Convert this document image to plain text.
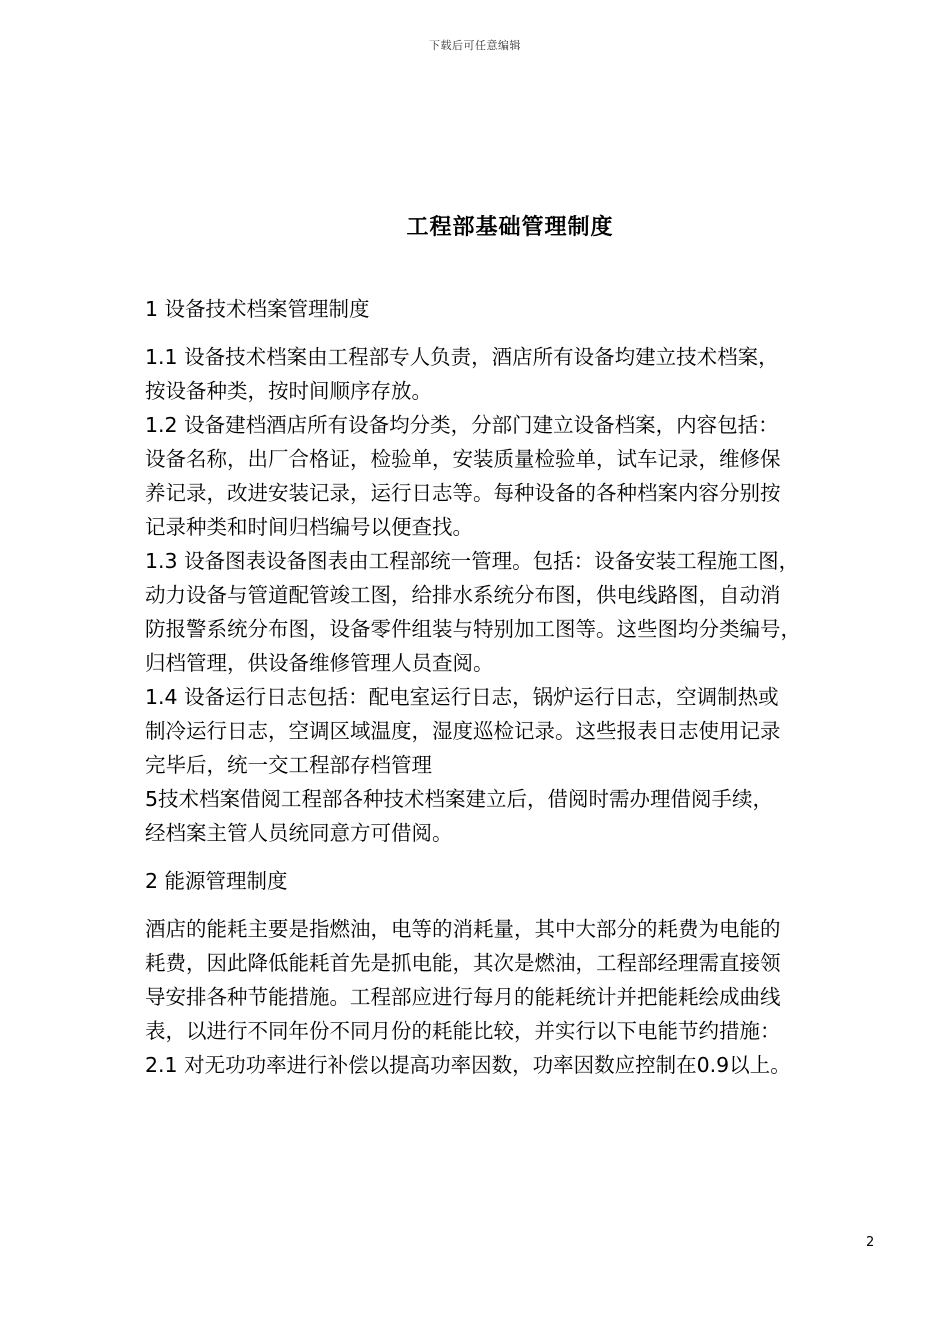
下载后可任意编辑
工程部基础管理制度

1 设备技术档案管理制度

1.1 设备技术档案由工程部专人负责，酒店所有设备均建立技术档案，

按设备种类，按时间顺序存放。

1.2 设备建档酒店所有设备均分类，分部门建立设备档案，内容包括：

设备名称，出厂合格证，检验单，安装质量检验单，试车记录，维修保

养记录，改进安装记录，运行日志等。每种设备的各种档案内容分别按

记录种类和时间归档编号以便查找。

1.3 设备图表设备图表由工程部统一管理。包括：设备安装工程施工图，

动力设备与管道配管竣工图，给排水系统分布图，供电线路图，自动消

防报警系统分布图，设备零件组装与特别加工图等。这些图均分类编号，

归档管理，供设备维修管理人员查阅。

1.4 设备运行日志包括：配电室运行日志，锅炉运行日志，空调制热或

制冷运行日志，空调区域温度，湿度巡检记录。这些报表日志使用记录

完毕后，统一交工程部存档管理

5技术档案借阅工程部各种技术档案建立后，借阅时需办理借阅手续，

经档案主管人员统同意方可借阅。

2 能源管理制度

酒店的能耗主要是指燃油，电等的消耗量，其中大部分的耗费为电能的

耗费，因此降低能耗首先是抓电能，其次是燃油，工程部经理需直接领

导安排各种节能措施。工程部应进行每月的能耗统计并把能耗绘成曲线

表，以进行不同年份不同月份的耗能比较，并实行以下电能节约措施：

2.1 对无功功率进行补偿以提高功率因数，功率因数应控制在0.9以上。

2
